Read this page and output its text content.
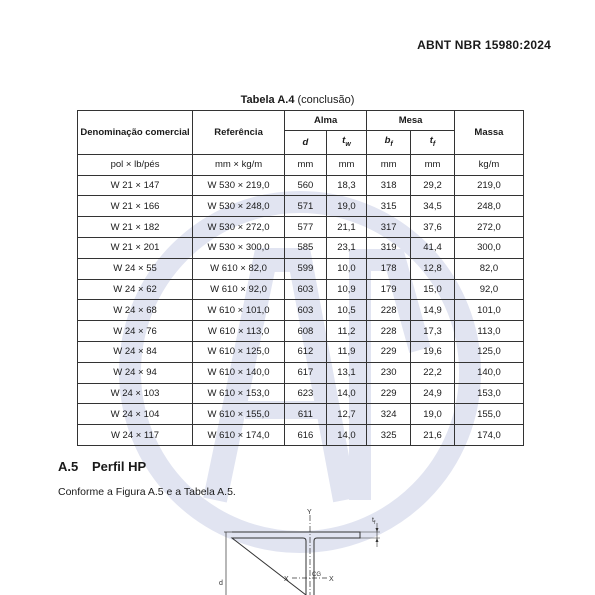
ABNT NBR 15980:2024
Tabela A.4 (conclusão)
Denominação comercial	Referência	Alma		Mesa		Massa
		d	$t_w$	$b_f$	$t_f$
pol × lb/pés	mm × kg/m	mm	mm	mm	mm	kg/m
W 21 × 147	W 530 × 219,0	560	18,3	318	29,2	219,0
W 21 × 166	W 530 × 248,0	571	19,0	315	34,5	248,0
W 21 × 182	W 530 × 272,0	577	21,1	317	37,6	272,0
W 21 × 201	W 530 × 300,0	585	23,1	319	41,4	300,0
W 24 × 55	W 610 × 82,0	599	10,0	178	12,8	82,0
W 24 × 62	W 610 × 92,0	603	10,9	179	15,0	92,0
W 24 × 68	W 610 × 101,0	603	10,5	228	14,9	101,0
W 24 × 76	W 610 × 113,0	608	11,2	228	17,3	113,0
W 24 × 84	W 610 × 125,0	612	11,9	229	19,6	125,0
W 24 × 94	W 610 × 140,0	617	13,1	230	22,2	140,0
W 24 × 103	W 610 × 153,0	623	14,0	229	24,9	153,0
W 24 × 104	W 610 × 155,0	611	12,7	324	19,0	155,0
W 24 × 117	W 610 × 174,0	616	14,0	325	21,6	174,0
A.5 Perfil HP
Conforme a Figura A.5 e a Tabela A.5.
Y
X	X
CG
d
$t_f$
